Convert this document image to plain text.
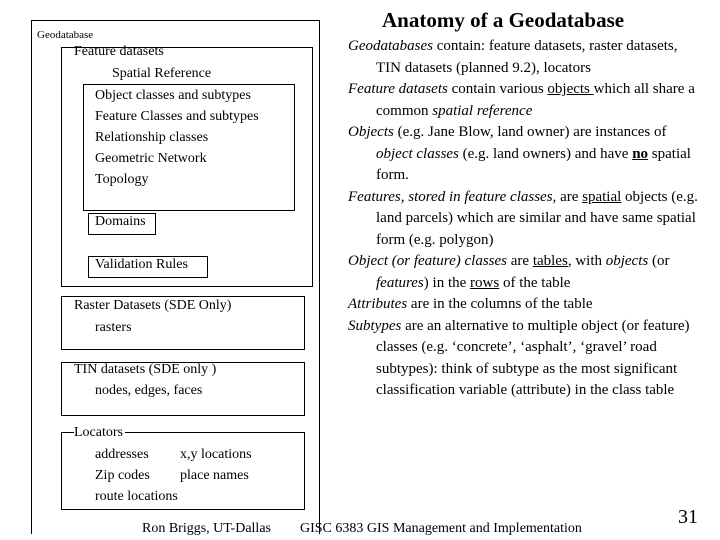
Anatomy of a Geodatabase
Geodatabase
Feature datasets
Spatial Reference
Object classes and subtypes
Feature Classes and subtypes
Relationship classes
Geometric Network
Topology
Domains
Validation Rules
Raster Datasets (SDE Only)
rasters
TIN datasets (SDE only )
nodes, edges, faces
Locators
addresses x,y locations
Zip codes place names
route locations

Geodatabases contain: feature datasets, raster datasets, TIN datasets (planned 9.2), locators

Feature datasets contain various objects which all share a common spatial reference

Objects (e.g. Jane Blow, land owner) are instances of object classes (e.g. land owners) and have no spatial form.

Features, stored in feature classes, are spatial objects (e.g. land parcels) which are similar and have same spatial form (e.g. polygon)

Object (or feature) classes are tables, with objects (or features) in the rows of the table

Attributes are in the columns of the table

Subtypes are an alternative to multiple object (or feature) classes (e.g. ‘concrete’, ‘asphalt’, ‘gravel’ road subtypes): think of subtype as the most significant classification variable (attribute) in the class table

Ron Briggs, UT-Dallas GISC 6383 GIS Management and Implementation
31
